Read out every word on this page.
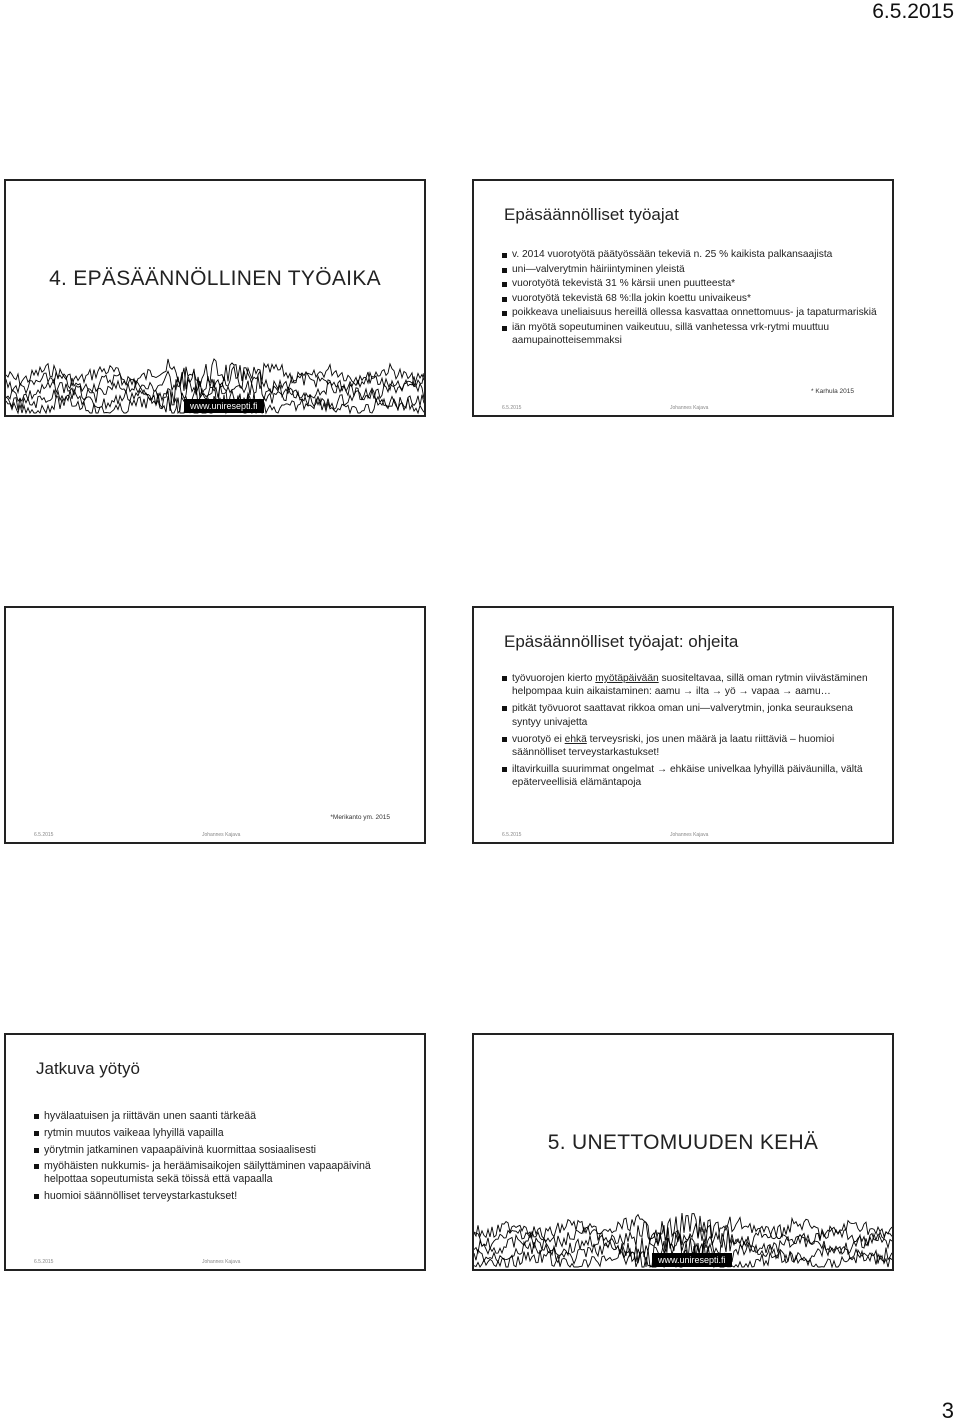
6.5.2015
4. EPÄSÄÄNNÖLLINEN TYÖAIKA
www.uniresepti.fi
Epäsäännölliset työajat
v. 2014 vuorotyötä päätyössään tekeviä n. 25 % kaikista palkansaajista
uni—valverytmin häiriintyminen yleistä
vuorotyötä tekevistä 31 % kärsii unen puutteesta*
vuorotyötä tekevistä 68 %:lla jokin koettu univaikeus*
poikkeava uneliaisuus hereillä ollessa kasvattaa onnettomuus- ja tapaturmariskiä
iän myötä sopeutuminen vaikeutuu, sillä vanhetessa vrk-rytmi muuttuu aamupainotteisemmaksi
* Karhula 2015
6.5.2015	Johannes Kajava
*Merikanto ym. 2015
6.5.2015	Johannes Kajava
Epäsäännölliset työajat: ohjeita
työvuorojen kierto myötäpäivään suositeltavaa, sillä oman rytmin viivästäminen helpompaa kuin aikaistaminen: aamu → ilta → yö → vapaa → aamu…
pitkät työvuorot saattavat rikkoa oman uni—valverytmin, jonka seurauksena syntyy univajetta
vuorotyö ei ehkä terveysriski, jos unen määrä ja laatu riittäviä – huomioi säännölliset terveystarkastukset!
iltavirkuilla suurimmat ongelmat → ehkäise univelkaa lyhyillä päiväunilla, vältä epäterveellisiä elämäntapoja
6.5.2015	Johannes Kajava
Jatkuva yötyö
hyvälaatuisen ja riittävän unen saanti tärkeää
rytmin muutos vaikeaa lyhyillä vapailla
yörytmin jatkaminen vapaapäivinä kuormittaa sosiaalisesti
myöhäisten nukkumis- ja heräämisaikojen säilyttäminen vapaapäivinä helpottaa sopeutumista sekä töissä että vapaalla
huomioi säännölliset terveystarkastukset!
6.5.2015	Johannes Kajava
5. UNETTOMUUDEN KEHÄ
www.uniresepti.fi
3
